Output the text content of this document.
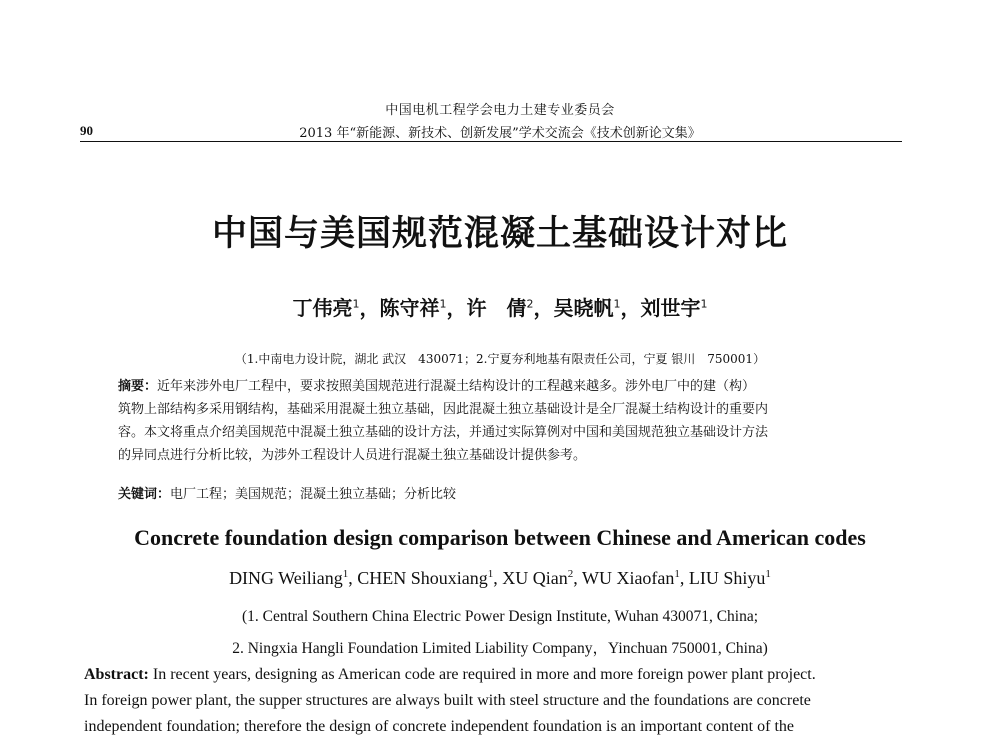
中国电机工程学会电力土建专业委员会
2013 年“新能源、新技术、创新发展”学术交流会《技术创新论文集》
90
中国与美国规范混凝土基础设计对比
丁伟亮$^1$，陈守祥$^1$，许　倩$^2$，吴晓帆$^1$，刘世宇$^1$
（1.中南电力设计院，湖北 武汉　430071；2.宁夏夯利地基有限责任公司，宁夏 银川　750001）
摘要：近年来涉外电厂工程中，要求按照美国规范进行混凝土结构设计的工程越来越多。涉外电厂中的建（构）
筑物上部结构多采用钢结构，基础采用混凝土独立基础，因此混凝土独立基础设计是全厂混凝土结构设计的重要内
容。本文将重点介绍美国规范中混凝土独立基础的设计方法，并通过实际算例对中国和美国规范独立基础设计方法
的异同点进行分析比较，为涉外工程设计人员进行混凝土独立基础设计提供参考。
关键词：电厂工程；美国规范；混凝土独立基础；分析比较
Concrete foundation design comparison between Chinese and American codes
DING Weiliang$^1$, CHEN Shouxiang$^1$, XU Qian$^2$, WU Xiaofan$^1$, LIU Shiyu$^1$
(1. Central Southern China Electric Power Design Institute, Wuhan 430071, China;
2. Ningxia Hangli Foundation Limited Liability Company，Yinchuan 750001, China)
Abstract: In recent years, designing as American code are required in more and more foreign power plant project.
In foreign power plant, the supper structures are always built with steel structure and the foundations are concrete
independent foundation; therefore the design of concrete independent foundation is an important content of the
